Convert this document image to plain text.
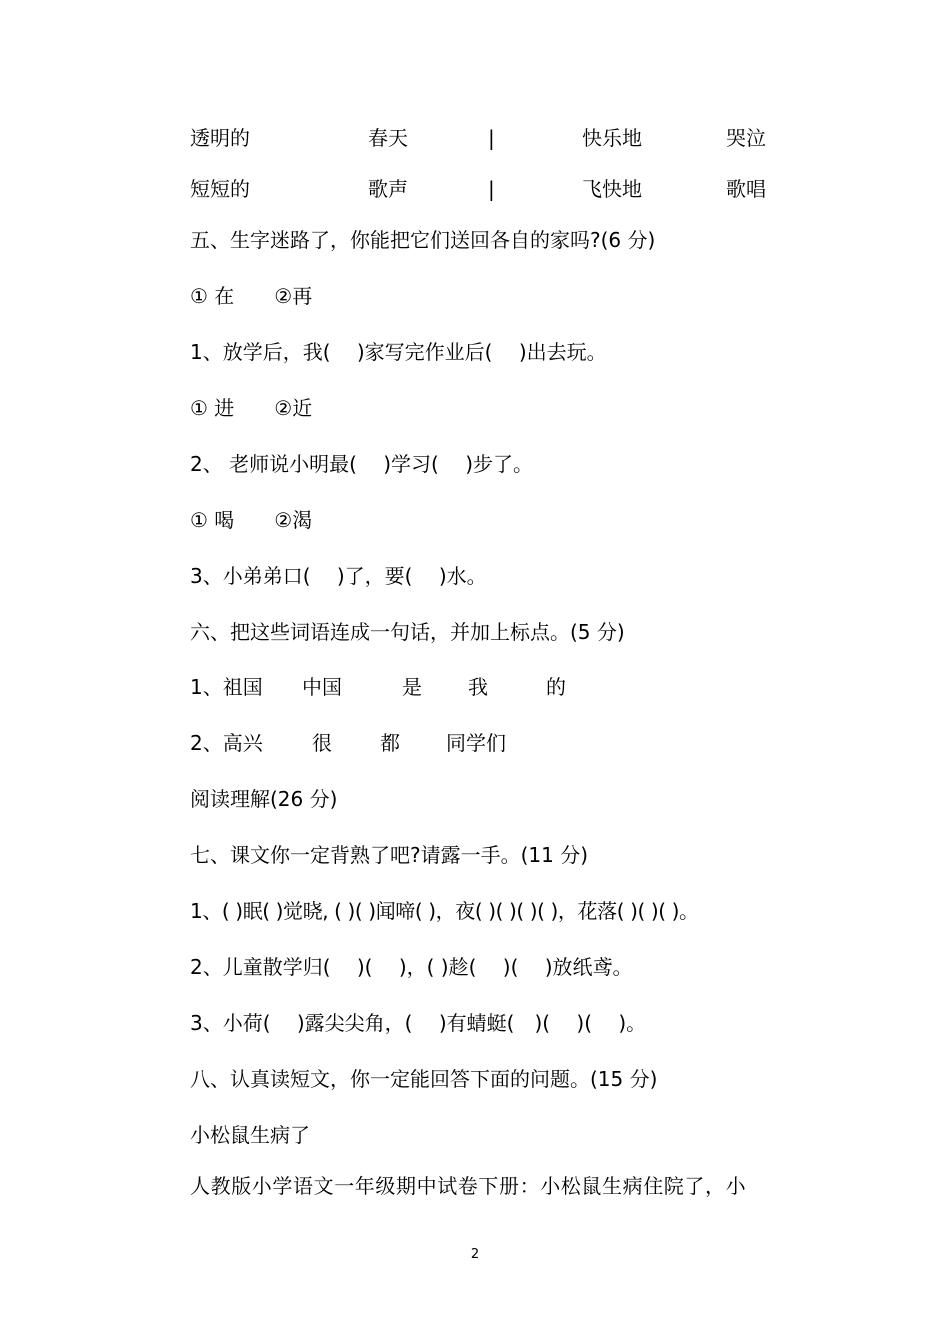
透明的	春天	|	快乐地	哭泣
短短的	歌声	|	飞快地	歌唱
五、生字迷路了，你能把它们送回各自的家吗?(6 分)
① 在　　②再
1、放学后，我(　 )家写完作业后(　 )出去玩。
① 进　　②近
2、 老师说小明最(　 )学习(　 )步了。
① 喝　　②渴
3、小弟弟口(　 )了，要(　 )水。
六、把这些词语连成一句话，并加上标点。(5 分)
1、祖国 中国	是 我	的
2、高兴 很 都 同学们
阅读理解(26 分)
七、课文你一定背熟了吧?请露一手。(11 分)
1、( )眠( )觉晓, ( )( )闻啼( )，夜( )( )( )( )，花落( )( )( )。
2、儿童散学归(　 )(　 )，( )趁(　 )(　 )放纸鸢。
3、小荷(　 )露尖尖角，(　 )有蜻蜓(　)(　 )(　 )。
八、认真读短文，你一定能回答下面的问题。(15 分)
小松鼠生病了
人教版小学语文一年级期中试卷下册：小松鼠生病住院了，小
2
